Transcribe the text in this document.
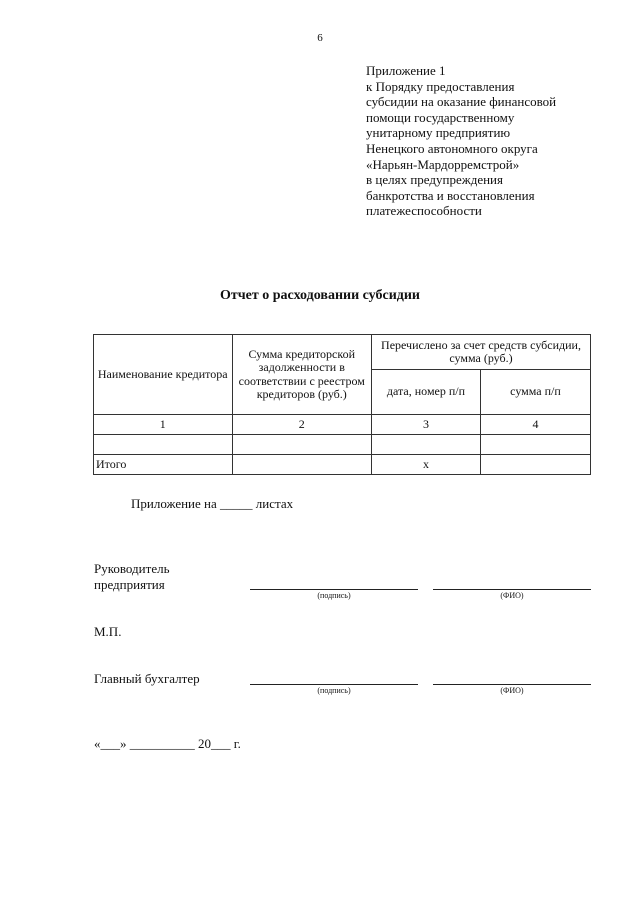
6
Приложение 1
к Порядку предоставления
субсидии на оказание финансовой
помощи государственному
унитарному предприятию
Ненецкого автономного округа
«Нарьян-Мардорремстрой»
в целях предупреждения
банкротства и восстановления
платежеспособности
Отчет о расходовании субсидии
Наименование кредитора	Сумма кредиторской задолженности в соответствии с реестром кредиторов (руб.)	Перечислено за счет средств субсидии, сумма (руб.)	
		дата, номер п/п	сумма п/п
1	2	3	4

Итого		х	
Приложение на _____ листах
Руководитель
предприятия
(подпись)	(ФИО)
М.П.
Главный бухгалтер
(подпись)	(ФИО)
«___» __________ 20___ г.
